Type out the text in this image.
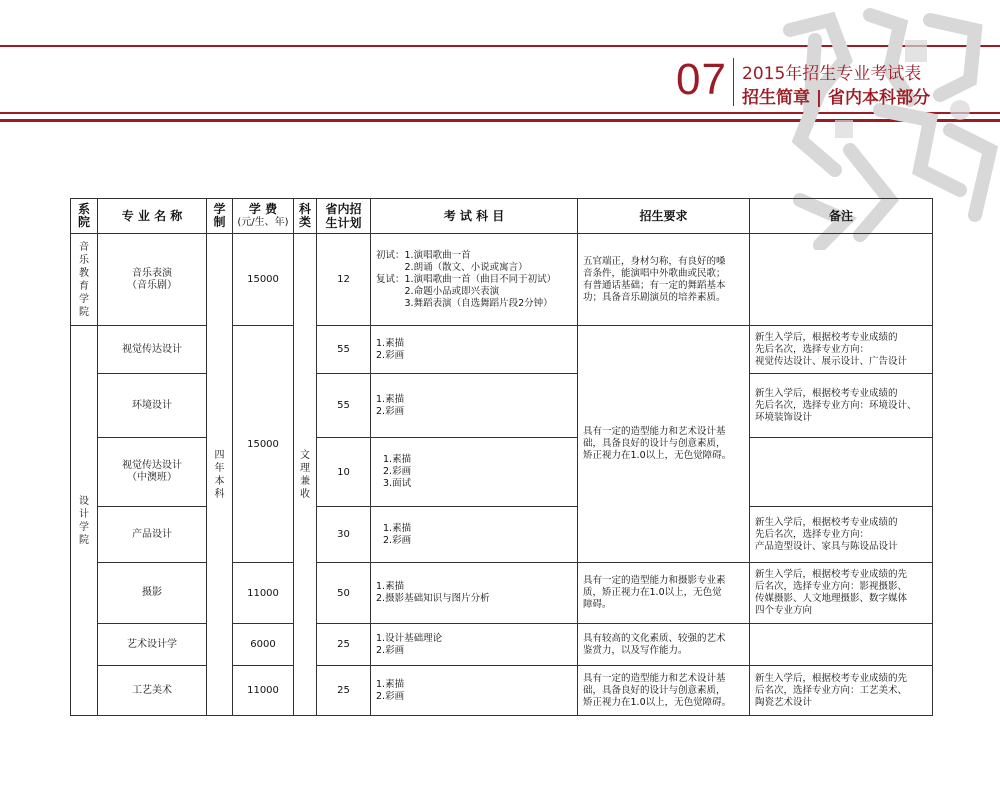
07 2015年招生专业考试表
招生简章 | 省内本科部分
系院	专 业 名 称	学制	学 费
(元/生、年)	科类	省内招生计划	考 试 科 目	招生要求	备注

音乐教育学院	音乐表演
（音乐剧）	四年本科	15000	文理兼收	12	初试：1.演唱歌曲一首
　　　2.朗诵（散文、小说或寓言）
复试：1.演唱歌曲一首（曲目不同于初试）
　　　2.命题小品或即兴表演
　　　3.舞蹈表演（自选舞蹈片段2分钟）	五官端正，身材匀称，有良好的嗓
音条件，能演唱中外歌曲或民歌；
有普通话基础；有一定的舞蹈基本
功；具备音乐剧演员的培养素质。	

设计学院	视觉传达设计		15000		55	1.素描
2.彩画	具有一定的造型能力和艺术设计基
础，具备良好的设计与创意素质，
矫正视力在1.0以上，无色觉障碍。	新生入学后，根据校考专业成绩的
先后名次，选择专业方向：
视觉传达设计、展示设计、广告设计

	环境设计				55	1.素描
2.彩画		新生入学后，根据校考专业成绩的
先后名次，选择专业方向：环境设计、
环境装饰设计

	视觉传达设计
（中澳班）				10	1.素描
2.彩画
3.面试		

	产品设计				30	1.素描
2.彩画		新生入学后，根据校考专业成绩的
先后名次，选择专业方向：
产品造型设计、家具与陈设品设计

	摄影		11000		50	1.素描
2.摄影基础知识与图片分析	具有一定的造型能力和摄影专业素
质，矫正视力在1.0以上，无色觉
障碍。	新生入学后，根据校考专业成绩的先
后名次，选择专业方向：影视摄影、
传媒摄影、人文地理摄影、数字媒体
四个专业方向

	艺术设计学		6000		25	1.设计基础理论
2.彩画	具有较高的文化素质、较强的艺术
鉴赏力，以及写作能力。	

	工艺美术		11000		25	1.素描
2.彩画	具有一定的造型能力和艺术设计基
础，具备良好的设计与创意素质，
矫正视力在1.0以上，无色觉障碍。	新生入学后，根据校考专业成绩的先
后名次，选择专业方向：工艺美术、
陶瓷艺术设计
